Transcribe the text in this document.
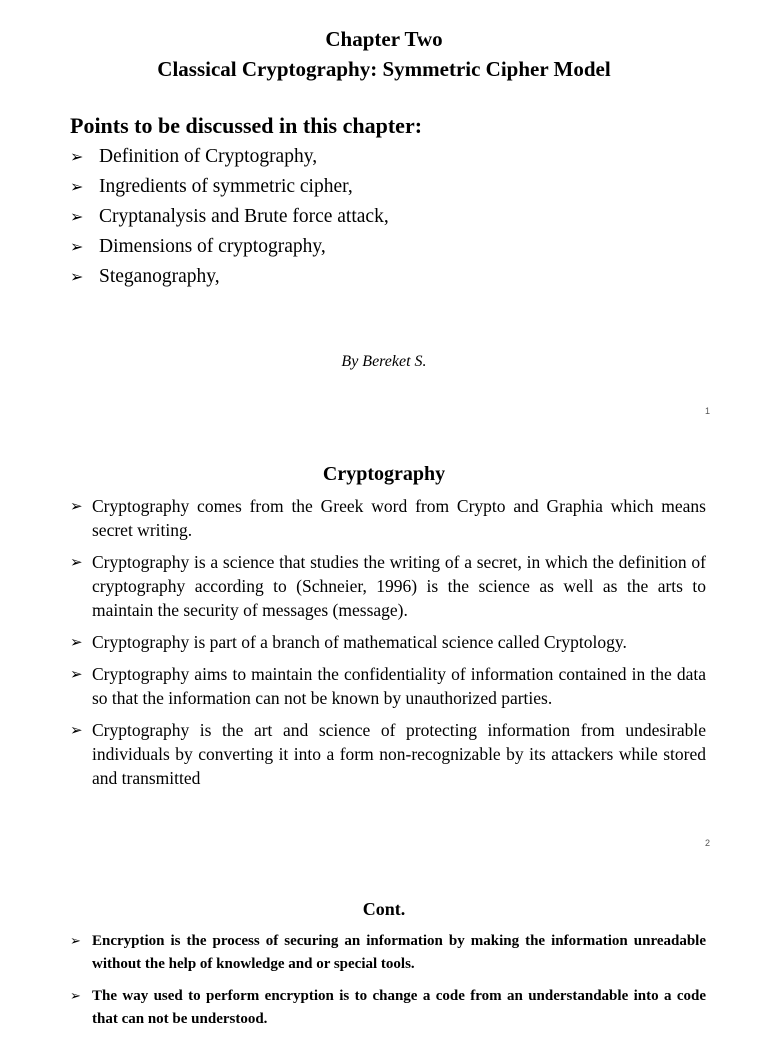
Chapter Two
Classical Cryptography: Symmetric Cipher Model
Points to be discussed in this chapter:
➢ Definition of Cryptography,
➢ Ingredients of symmetric cipher,
➢ Cryptanalysis and Brute force attack,
➢ Dimensions of cryptography,
➢ Steganography,
By Bereket S.
1
Cryptography
➢ Cryptography comes from the Greek word from Crypto and Graphia which means secret writing.
➢ Cryptography is a science that studies the writing of a secret, in which the definition of cryptography according to (Schneier, 1996) is the science as well as the arts to maintain the security of messages (message).
➢ Cryptography is part of a branch of mathematical science called Cryptology.
➢ Cryptography aims to maintain the confidentiality of information contained in the data so that the information can not be known by unauthorized parties.
➢ Cryptography is the art and science of protecting information from undesirable individuals by converting it into a form non-recognizable by its attackers while stored and transmitted
2
Cont.
➢ Encryption is the process of securing an information by making the information unreadable without the help of knowledge and or special tools.
➢ The way used to perform encryption is to change a code from an understandable into a code that can not be understood.
